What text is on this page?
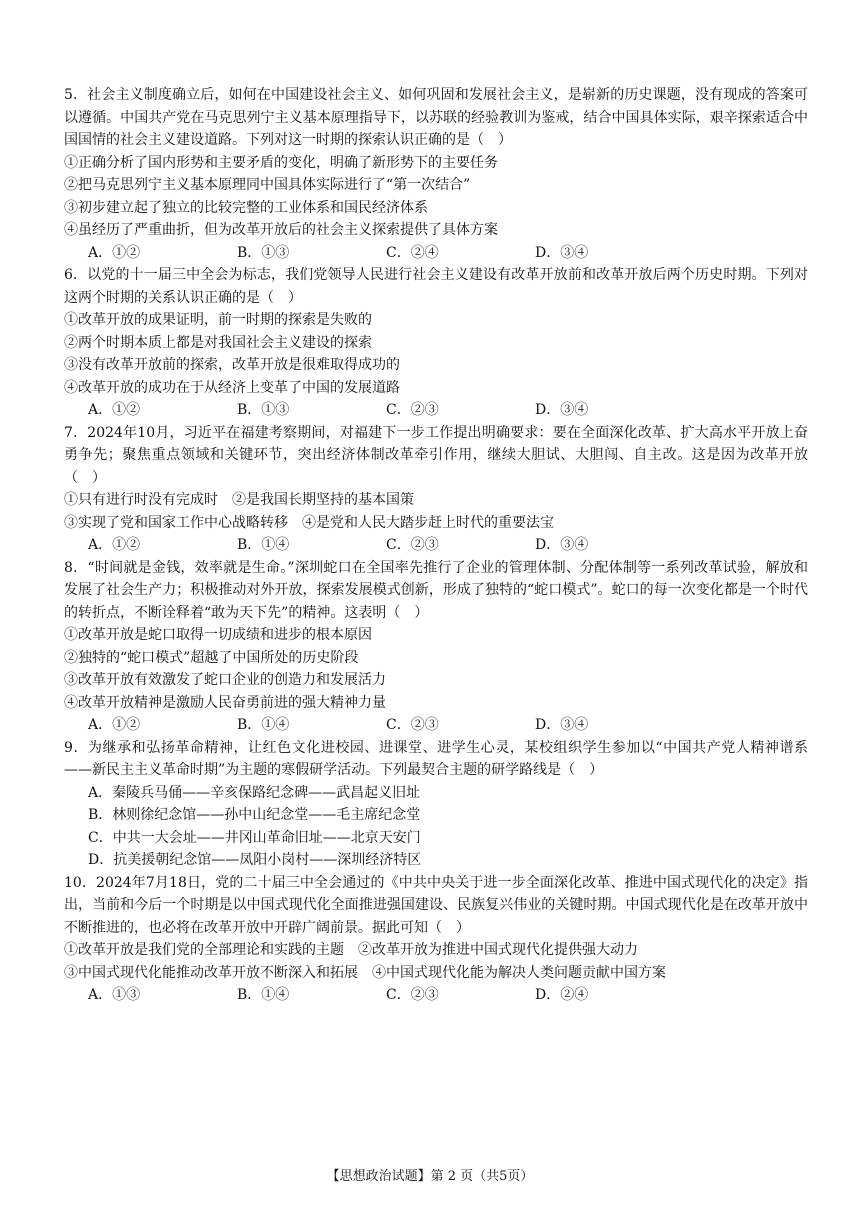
5．社会主义制度确立后，如何在中国建设社会主义、如何巩固和发展社会主义，是崭新的历史课题，没有现成的答案可以遵循。中国共产党在马克思列宁主义基本原理指导下，以苏联的经验教训为鉴戒，结合中国具体实际，艰辛探索适合中国国情的社会主义建设道路。下列对这一时期的探索认识正确的是（　）

①正确分析了国内形势和主要矛盾的变化，明确了新形势下的主要任务

②把马克思列宁主义基本原理同中国具体实际进行了“第一次结合”

③初步建立起了独立的比较完整的工业体系和国民经济体系

④虽经历了严重曲折，但为改革开放后的社会主义探索提供了具体方案

A．①②	B．①③	C．②④	D．③④

6．以党的十一届三中全会为标志，我们党领导人民进行社会主义建设有改革开放前和改革开放后两个历史时期。下列对这两个时期的关系认识正确的是（　）

①改革开放的成果证明，前一时期的探索是失败的

②两个时期本质上都是对我国社会主义建设的探索

③没有改革开放前的探索，改革开放是很难取得成功的

④改革开放的成功在于从经济上变革了中国的发展道路

A．①②	B．①③	C．②③	D．③④

7．2024年10月，习近平在福建考察期间，对福建下一步工作提出明确要求：要在全面深化改革、扩大高水平开放上奋勇争先；聚焦重点领域和关键环节，突出经济体制改革牵引作用，继续大胆试、大胆闯、自主改。这是因为改革开放（　）

①只有进行时没有完成时　②是我国长期坚持的基本国策

③实现了党和国家工作中心战略转移　④是党和人民大踏步赶上时代的重要法宝

A．①②	B．①④	C．②③	D．③④

8．“时间就是金钱，效率就是生命。”深圳蛇口在全国率先推行了企业的管理体制、分配体制等一系列改革试验，解放和发展了社会生产力；积极推动对外开放，探索发展模式创新，形成了独特的“蛇口模式”。蛇口的每一次变化都是一个时代的转折点，不断诠释着“敢为天下先”的精神。这表明（　）

①改革开放是蛇口取得一切成绩和进步的根本原因

②独特的“蛇口模式”超越了中国所处的历史阶段

③改革开放有效激发了蛇口企业的创造力和发展活力

④改革开放精神是激励人民奋勇前进的强大精神力量

A．①②	B．①④	C．②③	D．③④

9．为继承和弘扬革命精神，让红色文化进校园、进课堂、进学生心灵，某校组织学生参加以“中国共产党人精神谱系——新民主主义革命时期”为主题的寒假研学活动。下列最契合主题的研学路线是（　）

A．秦陵兵马俑——辛亥保路纪念碑——武昌起义旧址

B．林则徐纪念馆——孙中山纪念堂——毛主席纪念堂

C．中共一大会址——井冈山革命旧址——北京天安门

D．抗美援朝纪念馆——凤阳小岗村——深圳经济特区

10．2024年7月18日，党的二十届三中全会通过的《中共中央关于进一步全面深化改革、推进中国式现代化的决定》指出，当前和今后一个时期是以中国式现代化全面推进强国建设、民族复兴伟业的关键时期。中国式现代化是在改革开放中不断推进的，也必将在改革开放中开辟广阔前景。据此可知（　）

①改革开放是我们党的全部理论和实践的主题　②改革开放为推进中国式现代化提供强大动力

③中国式现代化能推动改革开放不断深入和拓展　④中国式现代化能为解决人类问题贡献中国方案

A．①③	B．①④	C．②③	D．②④
【思想政治试题】第 2 页（共5页）
